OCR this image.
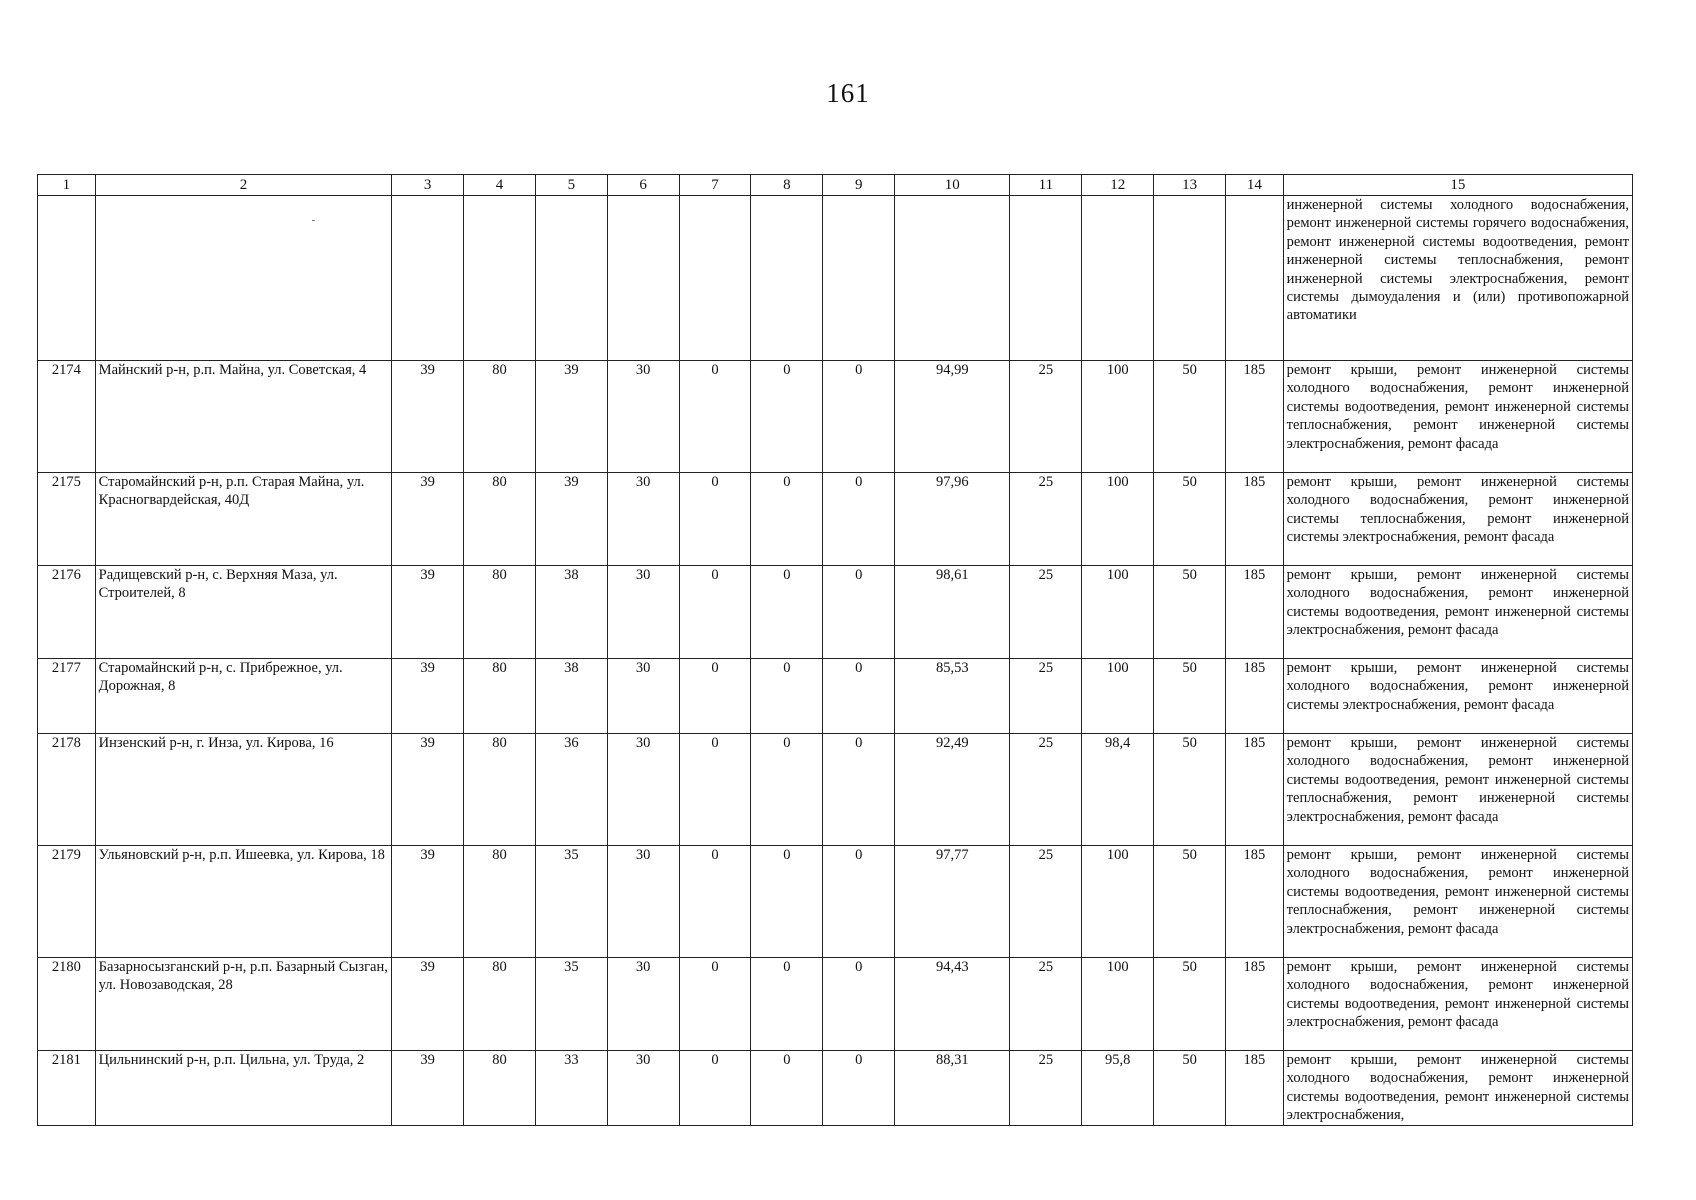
161
1	2	3	4	5	6	7	8	9	10	11	12	13	14	15
	-													инженерной системы холодного водоснабжения, ремонт инженерной системы горячего водоснабжения, ремонт инженерной системы водоотведения, ремонт инженерной системы теплоснабжения, ремонт инженерной системы электроснабжения, ремонт системы дымоудаления и (или) противопожарной автоматики
2174	Майнский р-н, р.п. Майна, ул. Советская, 4	39	80	39	30	0	0	0	94,99	25	100	50	185	ремонт крыши, ремонт инженерной системы холодного водоснабжения, ремонт инженерной системы водоотведения, ремонт инженерной системы теплоснабжения, ремонт инженерной системы электроснабжения, ремонт фасада
2175	Старомайнский р-н, р.п. Старая Майна, ул. Красногвардейская, 40Д	39	80	39	30	0	0	0	97,96	25	100	50	185	ремонт крыши, ремонт инженерной системы холодного водоснабжения, ремонт инженерной системы теплоснабжения, ремонт инженерной системы электроснабжения, ремонт фасада
2176	Радищевский р-н, с. Верхняя Маза, ул. Строителей, 8	39	80	38	30	0	0	0	98,61	25	100	50	185	ремонт крыши, ремонт инженерной системы холодного водоснабжения, ремонт инженерной системы водоотведения, ремонт инженерной системы электроснабжения, ремонт фасада
2177	Старомайнский р-н, с. Прибрежное, ул. Дорожная, 8	39	80	38	30	0	0	0	85,53	25	100	50	185	ремонт крыши, ремонт инженерной системы холодного водоснабжения, ремонт инженерной системы электроснабжения, ремонт фасада
2178	Инзенский р-н, г. Инза, ул. Кирова, 16	39	80	36	30	0	0	0	92,49	25	98,4	50	185	ремонт крыши, ремонт инженерной системы холодного водоснабжения, ремонт инженерной системы водоотведения, ремонт инженерной системы теплоснабжения, ремонт инженерной системы электроснабжения, ремонт фасада
2179	Ульяновский р-н, р.п. Ишеевка, ул. Кирова, 18	39	80	35	30	0	0	0	97,77	25	100	50	185	ремонт крыши, ремонт инженерной системы холодного водоснабжения, ремонт инженерной системы водоотведения, ремонт инженерной системы теплоснабжения, ремонт инженерной системы электроснабжения, ремонт фасада
2180	Базарносызганский р-н, р.п. Базарный Сызган, ул. Новозаводская, 28	39	80	35	30	0	0	0	94,43	25	100	50	185	ремонт крыши, ремонт инженерной системы холодного водоснабжения, ремонт инженерной системы водоотведения, ремонт инженерной системы электроснабжения, ремонт фасада
2181	Цильнинский р-н, р.п. Цильна, ул. Труда, 2	39	80	33	30	0	0	0	88,31	25	95,8	50	185	ремонт крыши, ремонт инженерной системы холодного водоснабжения, ремонт инженерной системы водоотведения, ремонт инженерной системы электроснабжения,
